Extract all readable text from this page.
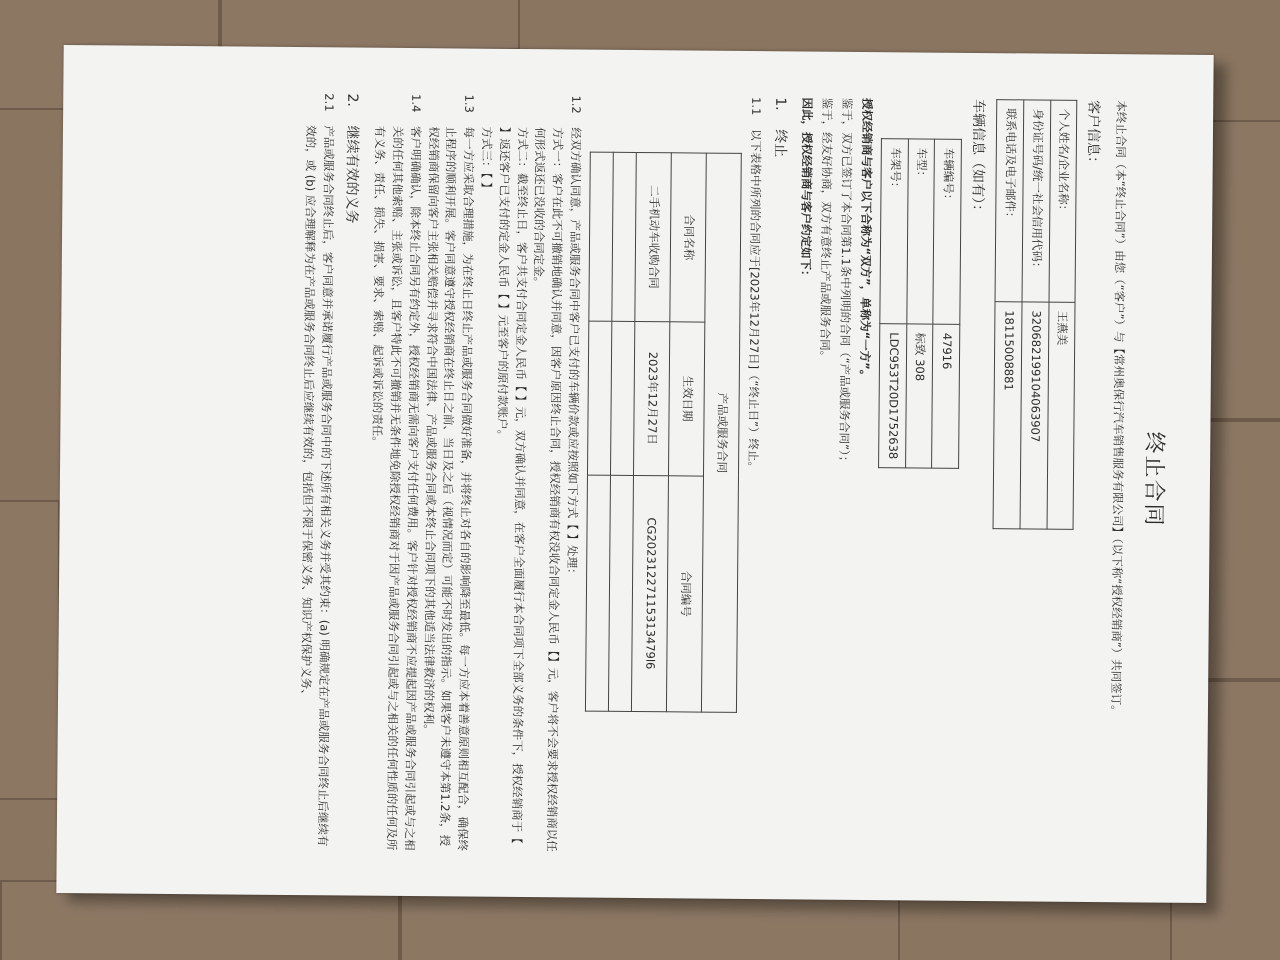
终止合同

本终止合同（本“终止合同”）由您（“客户”）与【常州奥保行汽车销售服务有限公司】（以下称“授权经销商”）共同签订。

客户信息：

个人姓名/企业名称：	王燕美
身份证号码/统一社会信用代码：	320682199104063907
联系电话及电子邮件：	18115008881

车辆信息（如有）：

车辆编号：	47916
车型：	标致 308
车架号：	LDC953T20D1752638

授权经销商与客户以下合称为“双方”，单称为“一方”。

鉴于，双方已签订了本合同第1.1条中列明的合同（“产品或服务合同”）；

鉴于，经友好协商，双方有意终止产品或服务合同。

因此，授权经销商与客户约定如下：

1.
终止
1.1
以下表格中所列的合同应于[2023年12月27日]（“终止日”）终止。
产品或服务合同		
合同名称	生效日期	合同编号
二手机动车收购合同	2023年12月27日	CG20231227115313479l6

1.2
经双方确认同意，产品或服务合同中客户已支付的车辆价款或应按照如下方式【 】处理：
方式一：客户在此不可撤销地确认并同意，因客户原因终止合同，授权经销商有权没收合同定金人民币【】元，客户将不会要求授权经销商以任何形式返还已没收的合同定金。
方式二：截至终止日，客户共支付合同定金人民币【 】元，双方确认并同意，在客户全面履行本合同项下全部义务的条件下，授权经销商于【 】返还客户已支付的定金人民币【 】元至客户的原付款账户。
方式三：【 】
1.3
每一方应采取合理措施，为在终止日终止产品或服务合同做好准备，并将终止对各自的影响降至最低。每一方应本着善意原则相互配合，确保终止程序的顺利开展。客户同意遵守授权经销商在终止日之前、当日及之后（视情况而定）可能不时发出的指示。如果客户未遵守本第1.2条，授权经销商保留向客户主张相关赔偿并寻求符合中国法律、产品或服务合同或本终止合同项下的其他适当法律救济的权利。
1.4
客户明确确认，除本终止合同另有约定外，授权经销商无需向客户支付任何费用。客户针对授权经销商不应提起因产品或服务合同引起或与之相关的任何其他索赔、主张或诉讼，且客户特此不可撤销并无条件地免除授权经销商对于因产品或服务合同引起或与之相关的任何性质的任何及所有义务、责任、损失、损害、要求、索赔、起诉或诉讼的责任。
2.
继续有效的义务
2.1
产品或服务合同终止后，客户同意并承诺履行产品或服务合同中的下述所有相关义务并受其约束：(a) 明确规定在产品或服务合同终止后继续有效的，或 (b) 应合理解释为在产品或服务合同终止后应继续有效的，包括但不限于保密义务、知识产权保护义务、
